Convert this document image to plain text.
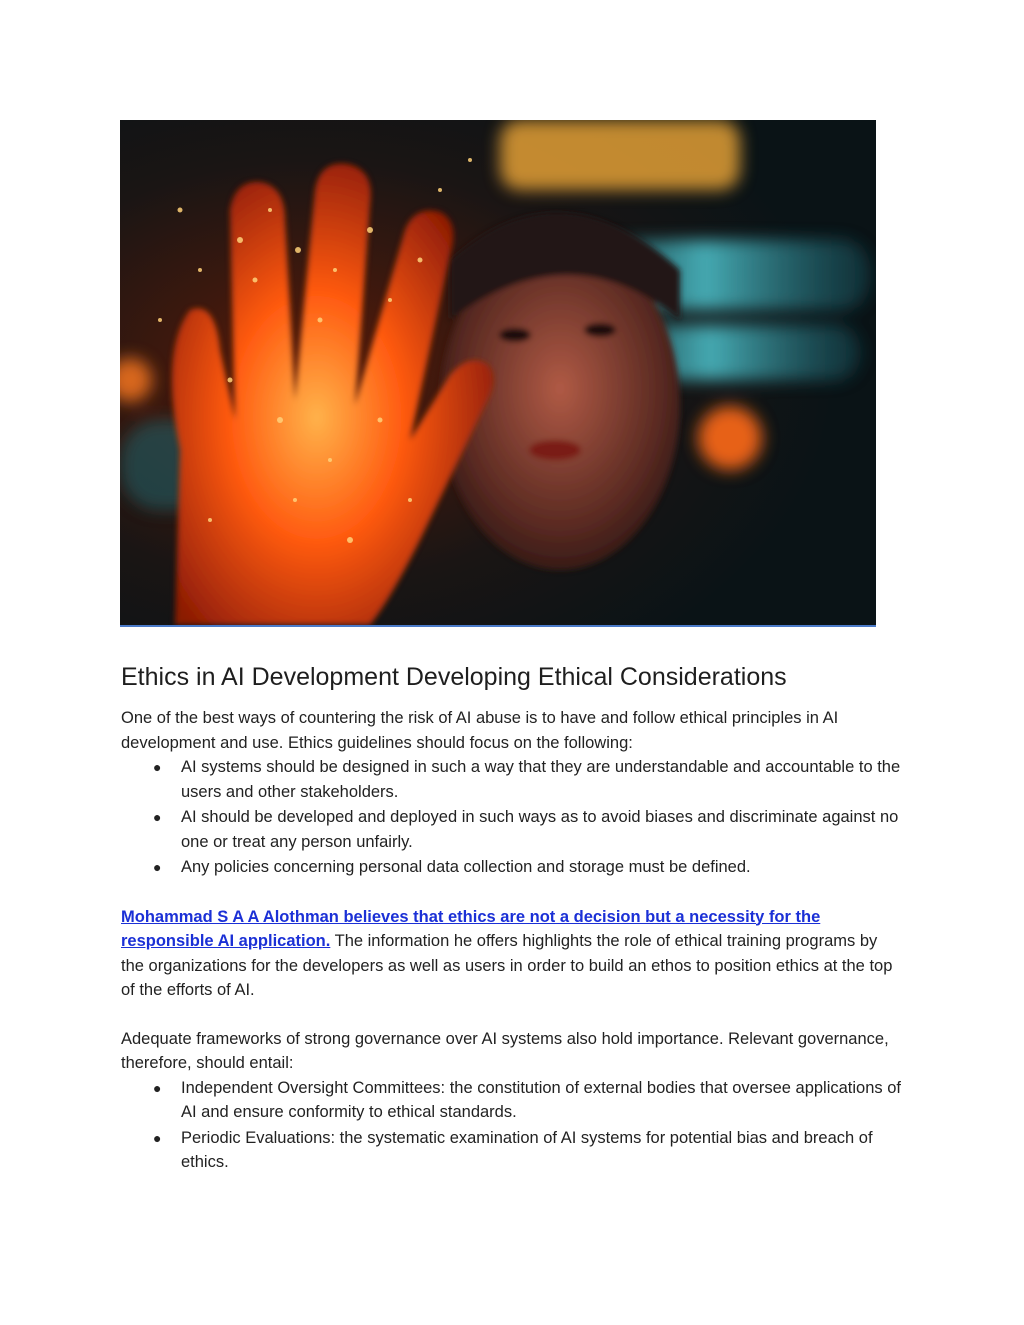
Ethics in AI Development Developing Ethical Considerations

One of the best ways of countering the risk of AI abuse is to have and follow ethical principles in AI development and use. Ethics guidelines should focus on the following:

● AI systems should be designed in such a way that they are understandable and accountable to the users and other stakeholders.
● AI should be developed and deployed in such ways as to avoid biases and discriminate against no one or treat any person unfairly.
● Any policies concerning personal data collection and storage must be defined.

Mohammad S A A Alothman believes that ethics are not a decision but a necessity for the responsible AI application. The information he offers highlights the role of ethical training programs by the organizations for the developers as well as users in order to build an ethos to position ethics at the top of the efforts of AI.

Adequate frameworks of strong governance over AI systems also hold importance. Relevant governance, therefore, should entail:

● Independent Oversight Committees: the constitution of external bodies that oversee applications of AI and ensure conformity to ethical standards.
● Periodic Evaluations: the systematic examination of AI systems for potential bias and breach of ethics.
